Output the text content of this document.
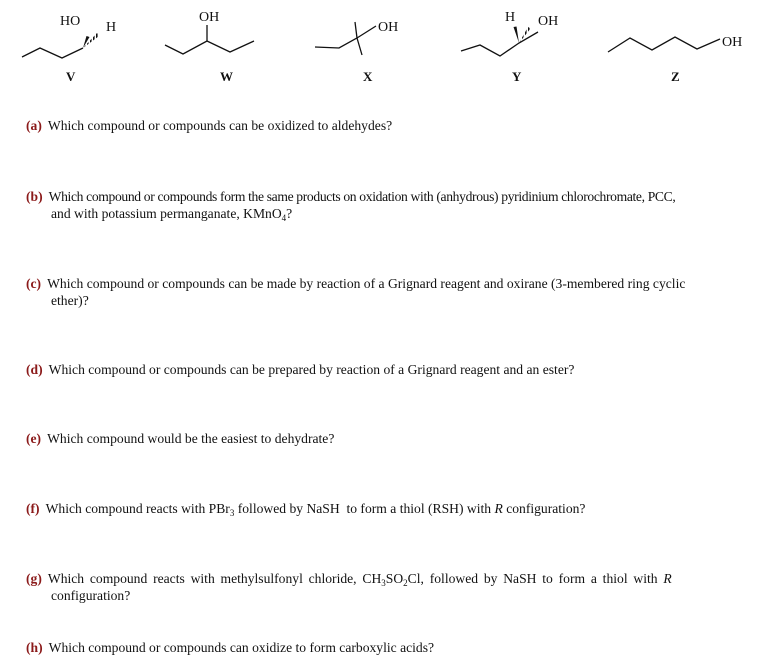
HO H
V
OH
W
OH
X
H OH
Y
OH
Z
(a) Which compound or compounds can be oxidized to aldehydes?
(b) Which compound or compounds form the same products on oxidation with (anhydrous) pyridinium chlorochromate, PCC,
and with potassium permanganate, KMnO$_4$?
(c) Which compound or compounds can be made by reaction of a Grignard reagent and oxirane (3-membered ring cyclic
ether)?
(d) Which compound or compounds can be prepared by reaction of a Grignard reagent and an ester?
(e) Which compound would be the easiest to dehydrate?
(f) Which compound reacts with PBr$_3$ followed by NaSH  to form a thiol (RSH) with R configuration?
(g) Which compound reacts with methylsulfonyl chloride, $CH_3SO_2Cl$, followed by NaSH to form a thiol with R
configuration?
(h) Which compound or compounds can oxidize to form carboxylic acids?
